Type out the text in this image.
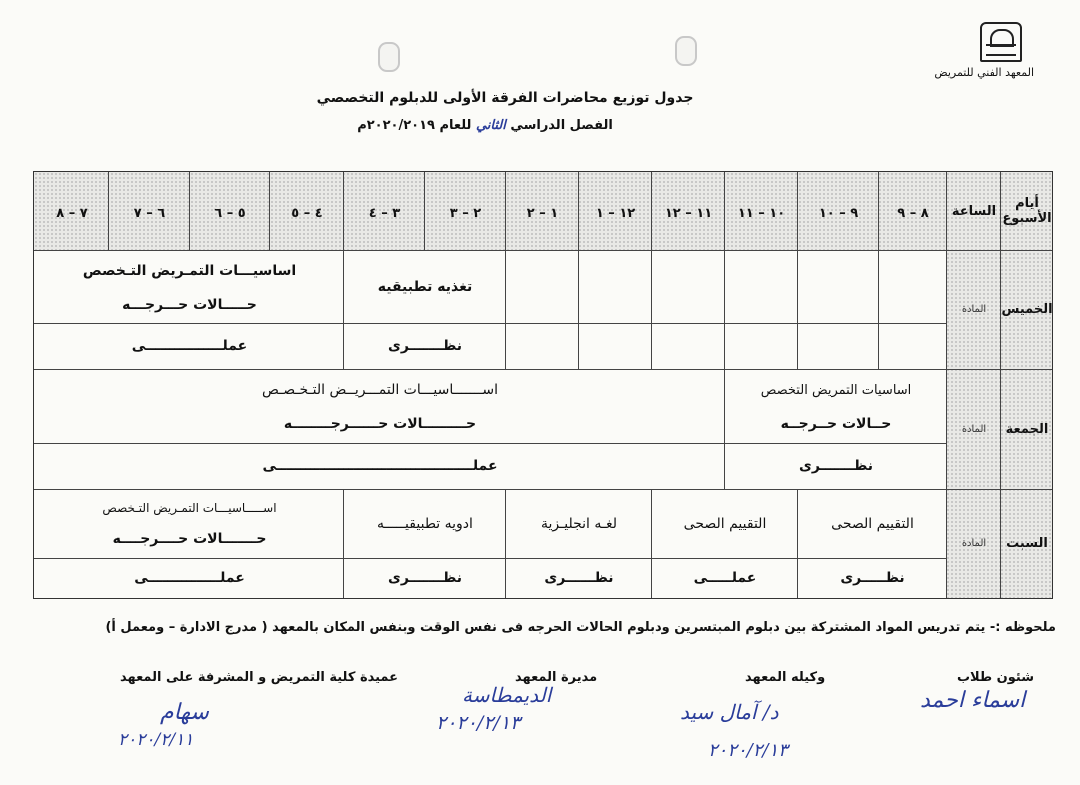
المعهد الفني للتمريض
جدول توزيع محاضرات الفرقة الأولى للدبلوم التخصصي
الفصل الدراسي الثاني للعام ٢٠٢٠/٢٠١٩م
أيام الأسبوع
الساعة
٨ – ٩
٩ – ١٠
١٠ – ١١
١١ – ١٢
١٢ – ١
١ – ٢
٢ – ٣
٣ – ٤
٤ – ٥
٥ – ٦
٦ – ٧
٧ – ٨
الخميس
المادة
تغذيه تطبيقيه
نظـــــــرى
اساسيـــات التمـريض التـخصص
حـــــالات حـــرجـــه
عملــــــــــــــــى
الجمعة
المادة
اساسيات التمريض التخصص
حــالات حــرجــه
نظـــــــرى
اســـــــاسيـــات التمـــريــض التـخـصـص
حـــــــــالات حــــــرجــــــــه
عملـــــــــــــــــــــــــــــــــــــــــى
السبت
المادة
التقييم الصحى
نظـــــرى
التقييم الصحى
عملـــــى
لغـه انجليـزية
نظــــــرى
ادويه تطبيقيـــــه
نظـــــــرى
اســـــاسيـــات التمـريض التـخصص
حـــــــالات حــــرجــــه
عملـــــــــــــــى
ملحوظه :- يتم تدريس المواد المشتركة بين دبلوم المبتسرين ودبلوم الحالات الحرجه فى نفس الوقت وبنفس المكان بالمعهد ( مدرج الادارة – ومعمل أ)
شئون طلاب
اسماء احمد
وكيله المعهد
د/ آمال سيد
٢٠٢٠/٢/١٣
مديرة المعهد
الديمطاسة
٢٠٢٠/٢/١٣
عميدة كلية التمريض و المشرفة على المعهد
سهام
٢٠٢٠/٢/١١
